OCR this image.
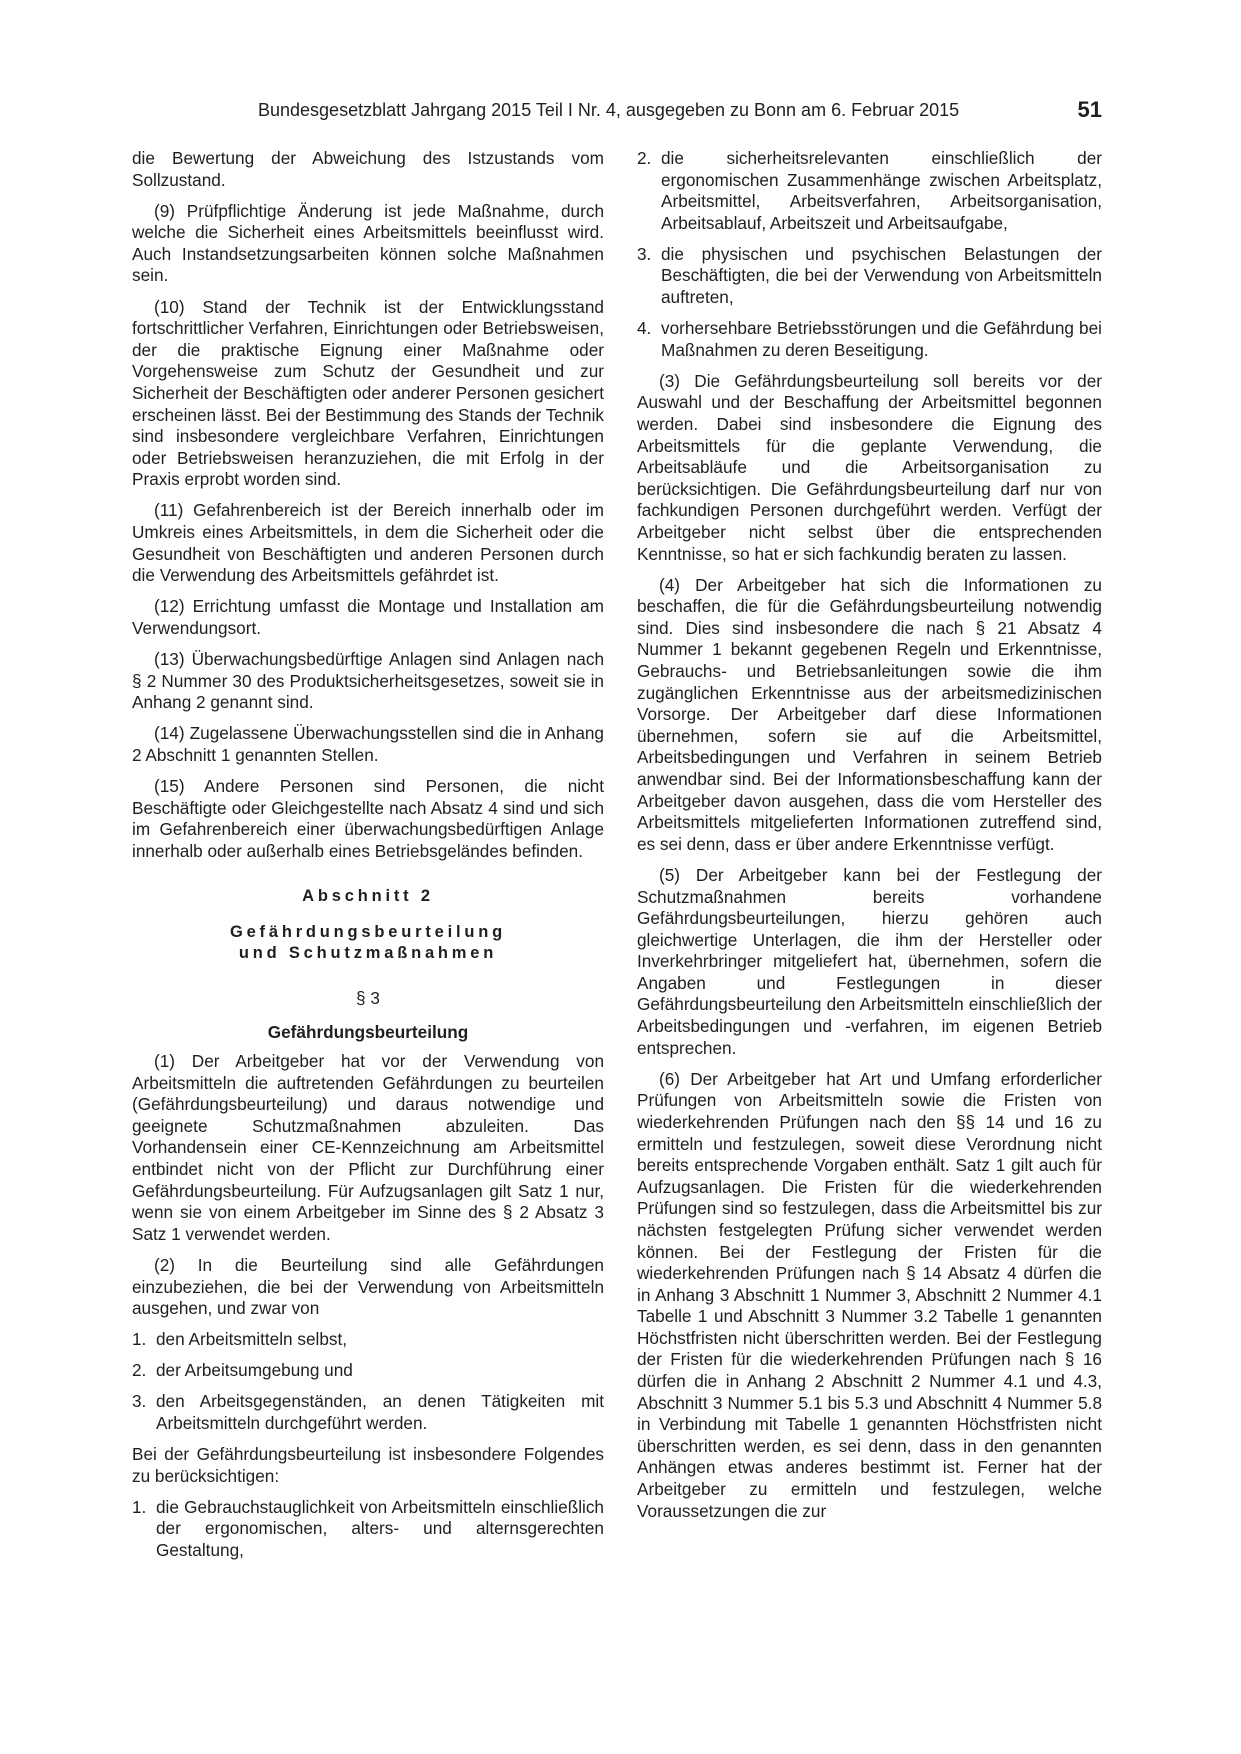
Bundesgesetzblatt Jahrgang 2015 Teil I Nr. 4, ausgegeben zu Bonn am 6. Februar 2015	51

die Bewertung der Abweichung des Istzustands vom Sollzustand.

(9) Prüfpflichtige Änderung ist jede Maßnahme, durch welche die Sicherheit eines Arbeitsmittels beeinflusst wird. Auch Instandsetzungsarbeiten können solche Maßnahmen sein.

(10) Stand der Technik ist der Entwicklungsstand fortschrittlicher Verfahren, Einrichtungen oder Betriebsweisen, der die praktische Eignung einer Maßnahme oder Vorgehensweise zum Schutz der Gesundheit und zur Sicherheit der Beschäftigten oder anderer Personen gesichert erscheinen lässt. Bei der Bestimmung des Stands der Technik sind insbesondere vergleichbare Verfahren, Einrichtungen oder Betriebsweisen heranzuziehen, die mit Erfolg in der Praxis erprobt worden sind.

(11) Gefahrenbereich ist der Bereich innerhalb oder im Umkreis eines Arbeitsmittels, in dem die Sicherheit oder die Gesundheit von Beschäftigten und anderen Personen durch die Verwendung des Arbeitsmittels gefährdet ist.

(12) Errichtung umfasst die Montage und Installation am Verwendungsort.

(13) Überwachungsbedürftige Anlagen sind Anlagen nach § 2 Nummer 30 des Produktsicherheitsgesetzes, soweit sie in Anhang 2 genannt sind.

(14) Zugelassene Überwachungsstellen sind die in Anhang 2 Abschnitt 1 genannten Stellen.

(15) Andere Personen sind Personen, die nicht Beschäftigte oder Gleichgestellte nach Absatz 4 sind und sich im Gefahrenbereich einer überwachungsbedürftigen Anlage innerhalb oder außerhalb eines Betriebsgeländes befinden.

Abschnitt 2
Gefährdungsbeurteilung
und Schutzmaßnahmen
§ 3
Gefährdungsbeurteilung

(1) Der Arbeitgeber hat vor der Verwendung von Arbeitsmitteln die auftretenden Gefährdungen zu beurteilen (Gefährdungsbeurteilung) und daraus notwendige und geeignete Schutzmaßnahmen abzuleiten. Das Vorhandensein einer CE-Kennzeichnung am Arbeitsmittel entbindet nicht von der Pflicht zur Durchführung einer Gefährdungsbeurteilung. Für Aufzugsanlagen gilt Satz 1 nur, wenn sie von einem Arbeitgeber im Sinne des § 2 Absatz 3 Satz 1 verwendet werden.

(2) In die Beurteilung sind alle Gefährdungen einzubeziehen, die bei der Verwendung von Arbeitsmitteln ausgehen, und zwar von

1. den Arbeitsmitteln selbst,
2. der Arbeitsumgebung und
3. den Arbeitsgegenständen, an denen Tätigkeiten mit Arbeitsmitteln durchgeführt werden.

Bei der Gefährdungsbeurteilung ist insbesondere Folgendes zu berücksichtigen:

1. die Gebrauchstauglichkeit von Arbeitsmitteln einschließlich der ergonomischen, alters- und alternsgerechten Gestaltung,
2. die sicherheitsrelevanten einschließlich der ergonomischen Zusammenhänge zwischen Arbeitsplatz, Arbeitsmittel, Arbeitsverfahren, Arbeitsorganisation, Arbeitsablauf, Arbeitszeit und Arbeitsaufgabe,
3. die physischen und psychischen Belastungen der Beschäftigten, die bei der Verwendung von Arbeitsmitteln auftreten,
4. vorhersehbare Betriebsstörungen und die Gefährdung bei Maßnahmen zu deren Beseitigung.

(3) Die Gefährdungsbeurteilung soll bereits vor der Auswahl und der Beschaffung der Arbeitsmittel begonnen werden. Dabei sind insbesondere die Eignung des Arbeitsmittels für die geplante Verwendung, die Arbeitsabläufe und die Arbeitsorganisation zu berücksichtigen. Die Gefährdungsbeurteilung darf nur von fachkundigen Personen durchgeführt werden. Verfügt der Arbeitgeber nicht selbst über die entsprechenden Kenntnisse, so hat er sich fachkundig beraten zu lassen.

(4) Der Arbeitgeber hat sich die Informationen zu beschaffen, die für die Gefährdungsbeurteilung notwendig sind. Dies sind insbesondere die nach § 21 Absatz 4 Nummer 1 bekannt gegebenen Regeln und Erkenntnisse, Gebrauchs- und Betriebsanleitungen sowie die ihm zugänglichen Erkenntnisse aus der arbeitsmedizinischen Vorsorge. Der Arbeitgeber darf diese Informationen übernehmen, sofern sie auf die Arbeitsmittel, Arbeitsbedingungen und Verfahren in seinem Betrieb anwendbar sind. Bei der Informationsbeschaffung kann der Arbeitgeber davon ausgehen, dass die vom Hersteller des Arbeitsmittels mitgelieferten Informationen zutreffend sind, es sei denn, dass er über andere Erkenntnisse verfügt.

(5) Der Arbeitgeber kann bei der Festlegung der Schutzmaßnahmen bereits vorhandene Gefährdungsbeurteilungen, hierzu gehören auch gleichwertige Unterlagen, die ihm der Hersteller oder Inverkehrbringer mitgeliefert hat, übernehmen, sofern die Angaben und Festlegungen in dieser Gefährdungsbeurteilung den Arbeitsmitteln einschließlich der Arbeitsbedingungen und -verfahren, im eigenen Betrieb entsprechen.

(6) Der Arbeitgeber hat Art und Umfang erforderlicher Prüfungen von Arbeitsmitteln sowie die Fristen von wiederkehrenden Prüfungen nach den §§ 14 und 16 zu ermitteln und festzulegen, soweit diese Verordnung nicht bereits entsprechende Vorgaben enthält. Satz 1 gilt auch für Aufzugsanlagen. Die Fristen für die wiederkehrenden Prüfungen sind so festzulegen, dass die Arbeitsmittel bis zur nächsten festgelegten Prüfung sicher verwendet werden können. Bei der Festlegung der Fristen für die wiederkehrenden Prüfungen nach § 14 Absatz 4 dürfen die in Anhang 3 Abschnitt 1 Nummer 3, Abschnitt 2 Nummer 4.1 Tabelle 1 und Abschnitt 3 Nummer 3.2 Tabelle 1 genannten Höchstfristen nicht überschritten werden. Bei der Festlegung der Fristen für die wiederkehrenden Prüfungen nach § 16 dürfen die in Anhang 2 Abschnitt 2 Nummer 4.1 und 4.3, Abschnitt 3 Nummer 5.1 bis 5.3 und Abschnitt 4 Nummer 5.8 in Verbindung mit Tabelle 1 genannten Höchstfristen nicht überschritten werden, es sei denn, dass in den genannten Anhängen etwas anderes bestimmt ist. Ferner hat der Arbeitgeber zu ermitteln und festzulegen, welche Voraussetzungen die zur
